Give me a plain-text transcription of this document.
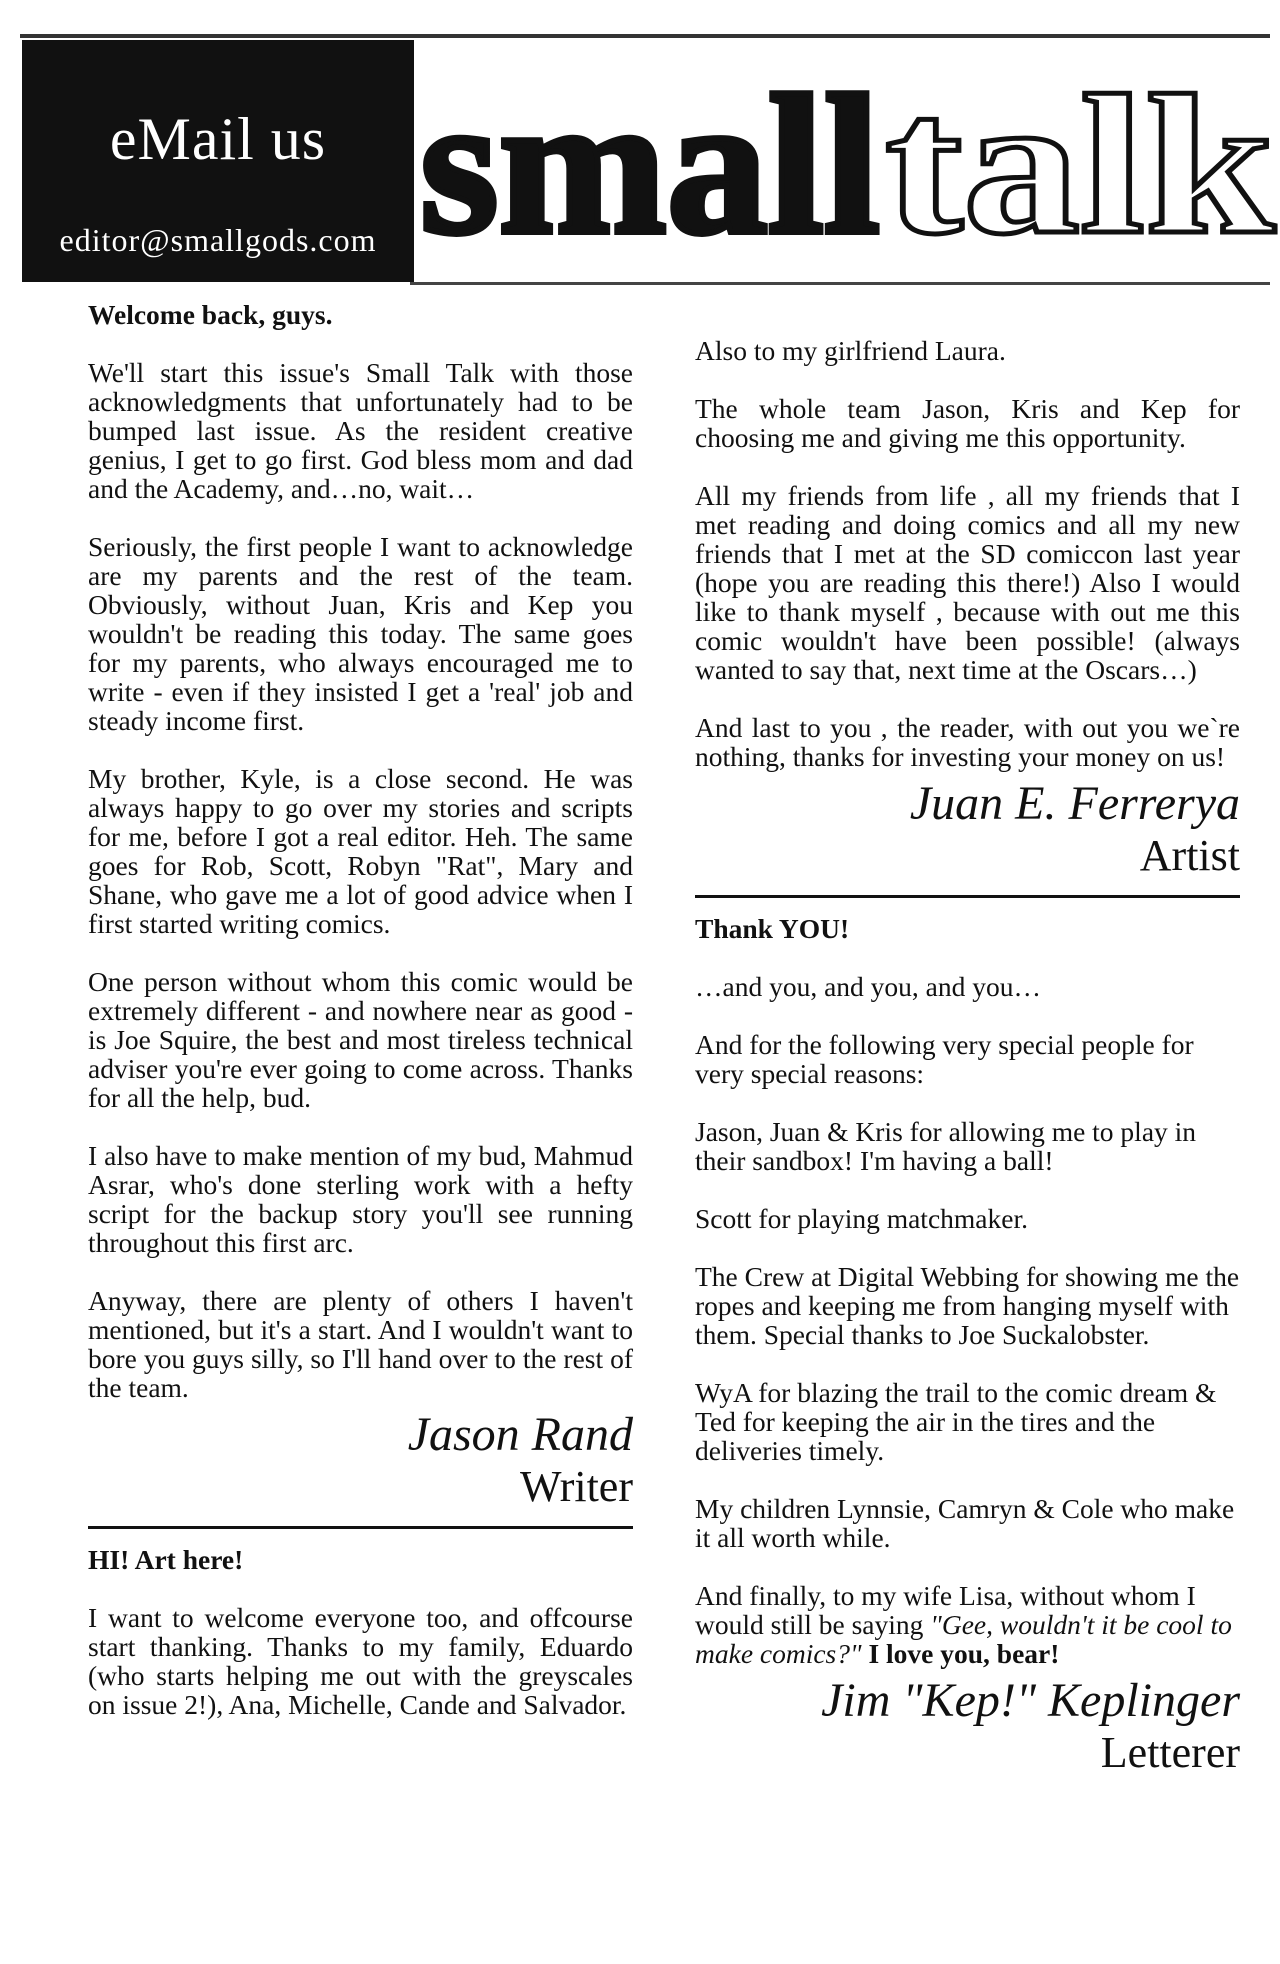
eMail us
editor@smallgods.com small talk
Welcome back, guys.

We'll start this issue's Small Talk with those acknowledgments that unfortunately had to be bumped last issue. As the resident creative genius, I get to go first. God bless mom and dad and the Academy, and…no, wait…

Seriously, the first people I want to acknowledge are my parents and the rest of the team. Obviously, without Juan, Kris and Kep you wouldn't be reading this today. The same goes for my parents, who always encouraged me to write - even if they insisted I get a 'real' job and steady income first.

My brother, Kyle, is a close second. He was always happy to go over my stories and scripts for me, before I got a real editor. Heh. The same goes for Rob, Scott, Robyn "Rat", Mary and Shane, who gave me a lot of good advice when I first started writing comics.

One person without whom this comic would be extremely different - and nowhere near as good - is Joe Squire, the best and most tireless technical adviser you're ever going to come across. Thanks for all the help, bud.

I also have to make mention of my bud, Mahmud Asrar, who's done sterling work with a hefty script for the backup story you'll see running throughout this first arc.

Anyway, there are plenty of others I haven't mentioned, but it's a start. And I wouldn't want to bore you guys silly, so I'll hand over to the rest of the team.

Jason Rand
Writer
HI! Art here!

I want to welcome everyone too, and offcourse start thanking. Thanks to my family, Eduardo (who starts helping me out with the greyscales on issue 2!), Ana, Michelle, Cande and Salvador.

Also to my girlfriend Laura.

The whole team Jason, Kris and Kep for choosing me and giving me this opportunity.

All my friends from life , all my friends that I met reading and doing comics and all my new friends that I met at the SD comiccon last year (hope you are reading this there!) Also I would like to thank myself , because with out me this comic wouldn't have been possible! (always wanted to say that, next time at the Oscars…)

And last to you , the reader, with out you we`re nothing, thanks for investing your money on us!

Juan E. Ferrerya
Artist
Thank YOU!

…and you, and you, and you…

And for the following very special people for very special reasons:

Jason, Juan & Kris for allowing me to play in their sandbox! I'm having a ball!

Scott for playing matchmaker.

The Crew at Digital Webbing for showing me the ropes and keeping me from hanging myself with them. Special thanks to Joe Suckalobster.

WyA for blazing the trail to the comic dream & Ted for keeping the air in the tires and the deliveries timely.

My children Lynnsie, Camryn & Cole who make it all worth while.

And finally, to my wife Lisa, without whom I would still be saying "Gee, wouldn't it be cool to make comics?" I love you, bear!

Jim "Kep!" Keplinger
Letterer
